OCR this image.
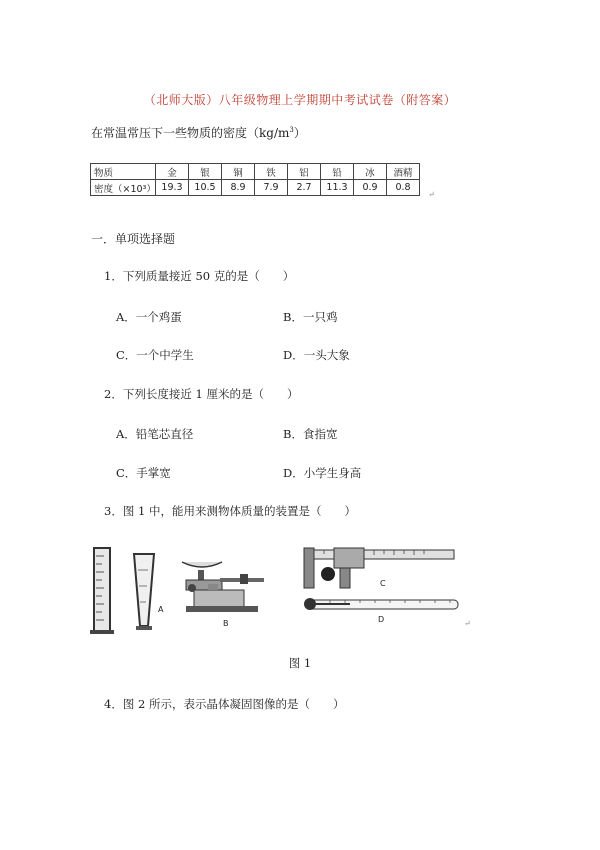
（北师大版）八年级物理上学期期中考试试卷（附答案）
在常温常压下一些物质的密度$(kg/m^3)$
物质	金	银	铜	铁	铝	铅	冰	酒精
密度（×10³）	19.3	10.5	8.9	7.9	2.7	11.3	0.9	0.8
↵
一．单项选择题
1．下列质量接近 50 克的是（　　）
A．一个鸡蛋	B．一只鸡
C．一个中学生	D．一头大象
2．下列长度接近 1 厘米的是（　　）
A．铅笔芯直径	B．食指宽
C．手掌宽	D．小学生身高
3．图 1 中，能用来测物体质量的装置是（　　）
A
B
C
D	↵
图 1
4．图 2 所示，表示晶体凝固图像的是（　　）
